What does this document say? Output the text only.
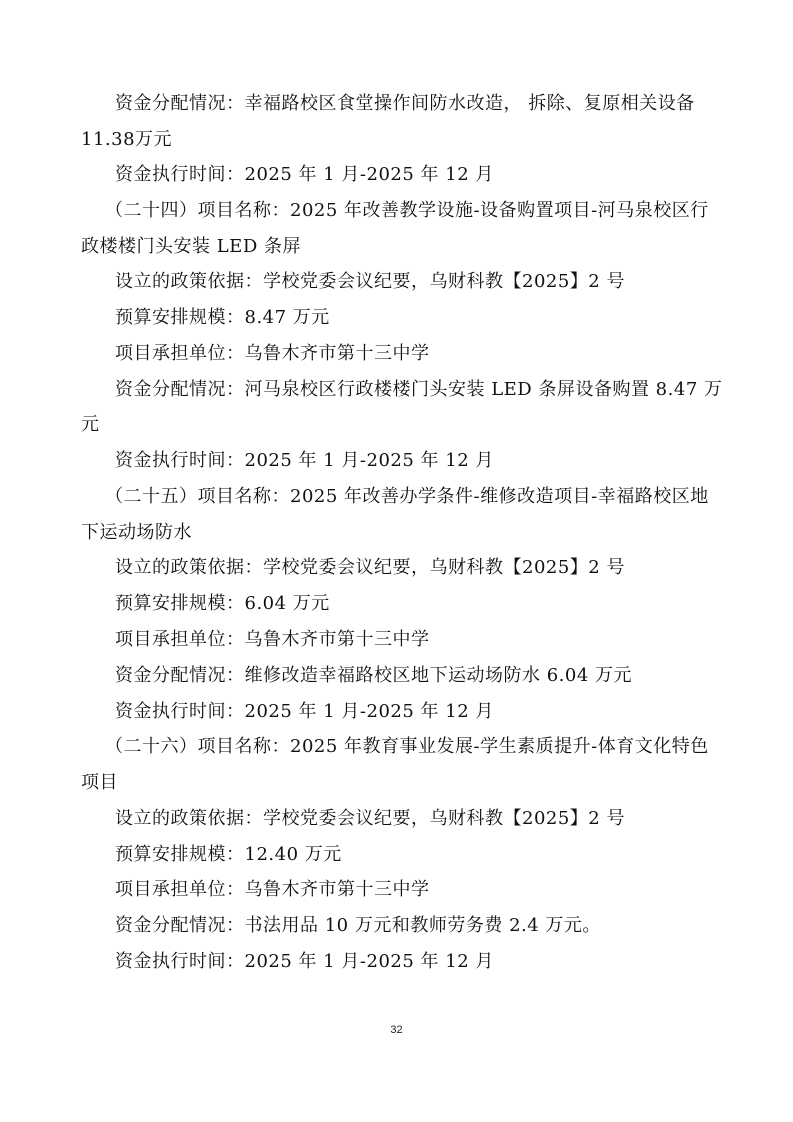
资金分配情况：幸福路校区食堂操作间防水改造， 拆除、复原相关设备
11.38万元
资金执行时间：2025 年 1 月-2025 年 12 月
（二十四）项目名称：2025 年改善教学设施-设备购置项目-河马泉校区行
政楼楼门头安装 LED 条屏
设立的政策依据：学校党委会议纪要，乌财科教【2025】2 号
预算安排规模：8.47 万元
项目承担单位：乌鲁木齐市第十三中学
资金分配情况：河马泉校区行政楼楼门头安装 LED 条屏设备购置 8.47 万
元
资金执行时间：2025 年 1 月-2025 年 12 月
（二十五）项目名称：2025 年改善办学条件-维修改造项目-幸福路校区地
下运动场防水
设立的政策依据：学校党委会议纪要，乌财科教【2025】2 号
预算安排规模：6.04 万元
项目承担单位：乌鲁木齐市第十三中学
资金分配情况：维修改造幸福路校区地下运动场防水 6.04 万元
资金执行时间：2025 年 1 月-2025 年 12 月
（二十六）项目名称：2025 年教育事业发展-学生素质提升-体育文化特色
项目
设立的政策依据：学校党委会议纪要，乌财科教【2025】2 号
预算安排规模：12.40 万元
项目承担单位：乌鲁木齐市第十三中学
资金分配情况：书法用品 10 万元和教师劳务费 2.4 万元。
资金执行时间：2025 年 1 月-2025 年 12 月
32
